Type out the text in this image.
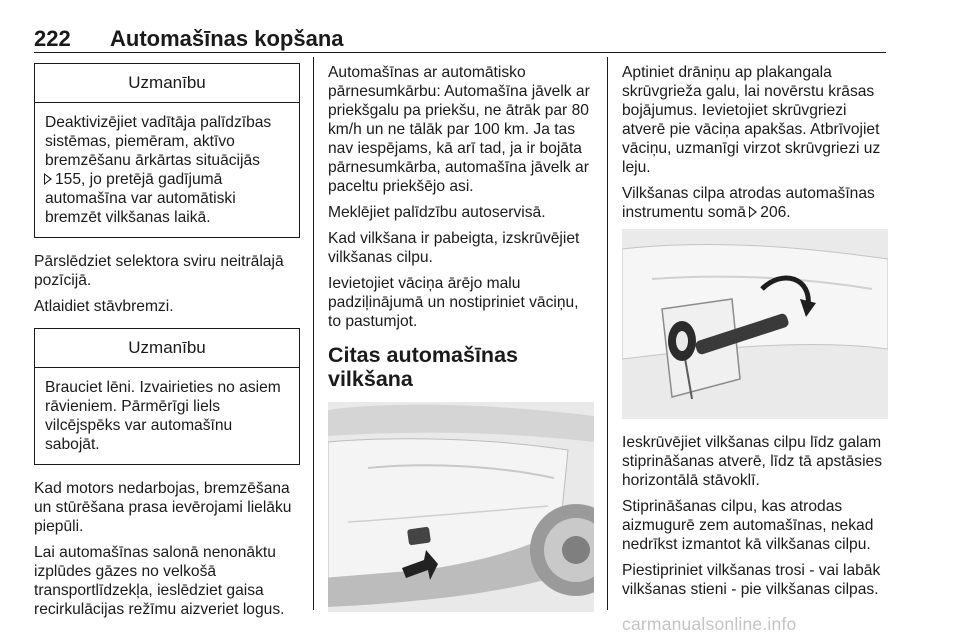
222 Automašīnas kopšana
Uzmanību
Deaktivizējiet vadītāja palīdzības sistēmas, piemēram, aktīvo bremzēšanu ārkārtas situācijās
155, jo pretējā gadījumā automašīna var automātiski bremzēt vilkšanas laikā.

Pārslēdziet selektora sviru neitrālajā pozīcijā.

Atlaidiet stāvbremzi.

Uzmanību
Brauciet lēni. Izvairieties no asiem rāvieniem. Pārmērīgi liels vilcējspēks var automašīnu sabojāt.

Kad motors nedarbojas, bremzēšana un stūrēšana prasa ievērojami lielāku piepūli.

Lai automašīnas salonā nenonāktu izplūdes gāzes no velkošā transportlīdzekļa, ieslēdziet gaisa recirkulācijas režīmu aizveriet logus.

Automašīnas ar automātisko pārnesumkārbu: Automašīna jāvelk ar priekšgalu pa priekšu, ne ātrāk par 80 km/h un ne tālāk par 100 km. Ja tas nav iespējams, kā arī tad, ja ir bojāta pārnesumkārba, automašīna jāvelk ar paceltu priekšējo asi.

Meklējiet palīdzību autoservisā.

Kad vilkšana ir pabeigta, izskrūvējiet vilkšanas cilpu.

Ievietojiet vāciņa ārējo malu padziļinājumā un nostipriniet vāciņu, to pastumjot.

Citas automašīnas vilkšana

Aptiniet drāniņu ap plakangala skrūvgrieža galu, lai novērstu krāsas bojājumus. Ievietojiet skrūvgriezi atverē pie vāciņa apakšas. Atbrīvojiet vāciņu, uzmanīgi virzot skrūvgriezi uz leju.

Vilkšanas cilpa atrodas automašīnas instrumentu somā 206.

Ieskrūvējiet vilkšanas cilpu līdz galam stiprināšanas atverē, līdz tā apstāsies horizontālā stāvoklī.

Stiprināšanas cilpu, kas atrodas aizmugurē zem automašīnas, nekad nedrīkst izmantot kā vilkšanas cilpu.

Piestipriniet vilkšanas trosi - vai labāk vilkšanas stieni - pie vilkšanas cilpas.

carmanualsonline.info
